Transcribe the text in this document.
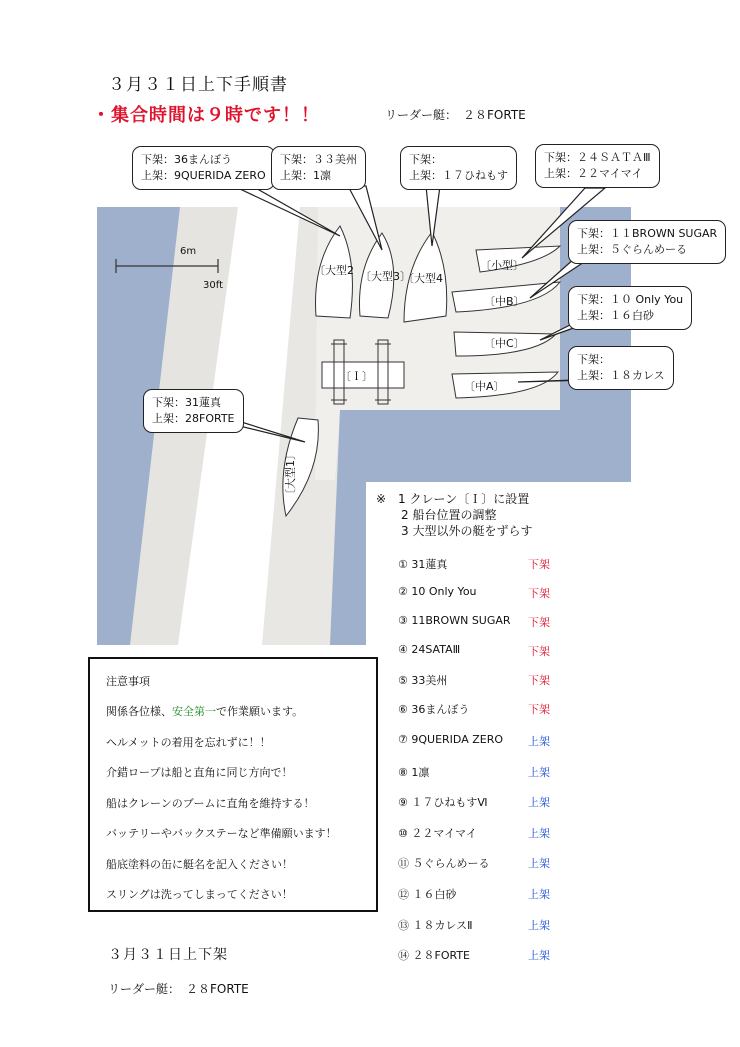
３月３１日上下手順書
・集合時間は９時です！！	リーダー艇：　２８FORTE
6m
30ft
〔大型2 〔大型3〕
〔大型4
〔小型〕
〔中B〕
〔中C〕
〔中A〕
〔Ｉ〕
〔大型1〕
下架：36まんぼう
上架：9QUERIDA ZERO
下架：３３美州
上架：1凛
下架：
上架：１７ひねもす
下架：２４ＳＡＴＡⅢ
上架：２２マイマイ
下架：１１BROWN SUGAR
上架：５ぐらんめーる
下架：１０ Only You
上架：１６白砂
下架：
上架：１８カレス
下架：31蓮真
上架：28FORTE
※　1 クレーン〔Ｉ〕に設置
2 船台位置の調整
3 大型以外の艇をずらす
① 31蓮真	下架
② 10 Only You	下架
③ 11BROWN SUGAR 下架
④ 24SATAⅢ	下架
⑤ 33美州	下架
⑥ 36まんぼう	下架
⑦ 9QUERIDA ZERO 上架
⑧ 1凛	上架
⑨ １７ひねもすⅥ	上架
⑩ ２２マイマイ	上架
⑪ ５ぐらんめーる	上架
⑫ １６白砂	上架
⑬ １８カレスⅡ	上架
⑭ ２８FORTE	上架
注意事項
関係各位様、安全第一で作業願います。
ヘルメットの着用を忘れずに！！
介錯ロープは船と直角に同じ方向で！
船はクレーンのブームに直角を維持する！
バッテリーやバックステーなど準備願います！
船底塗料の缶に艇名を記入ください！
スリングは洗ってしまってください！
３月３１日上下架
リーダー艇：　２８FORTE
